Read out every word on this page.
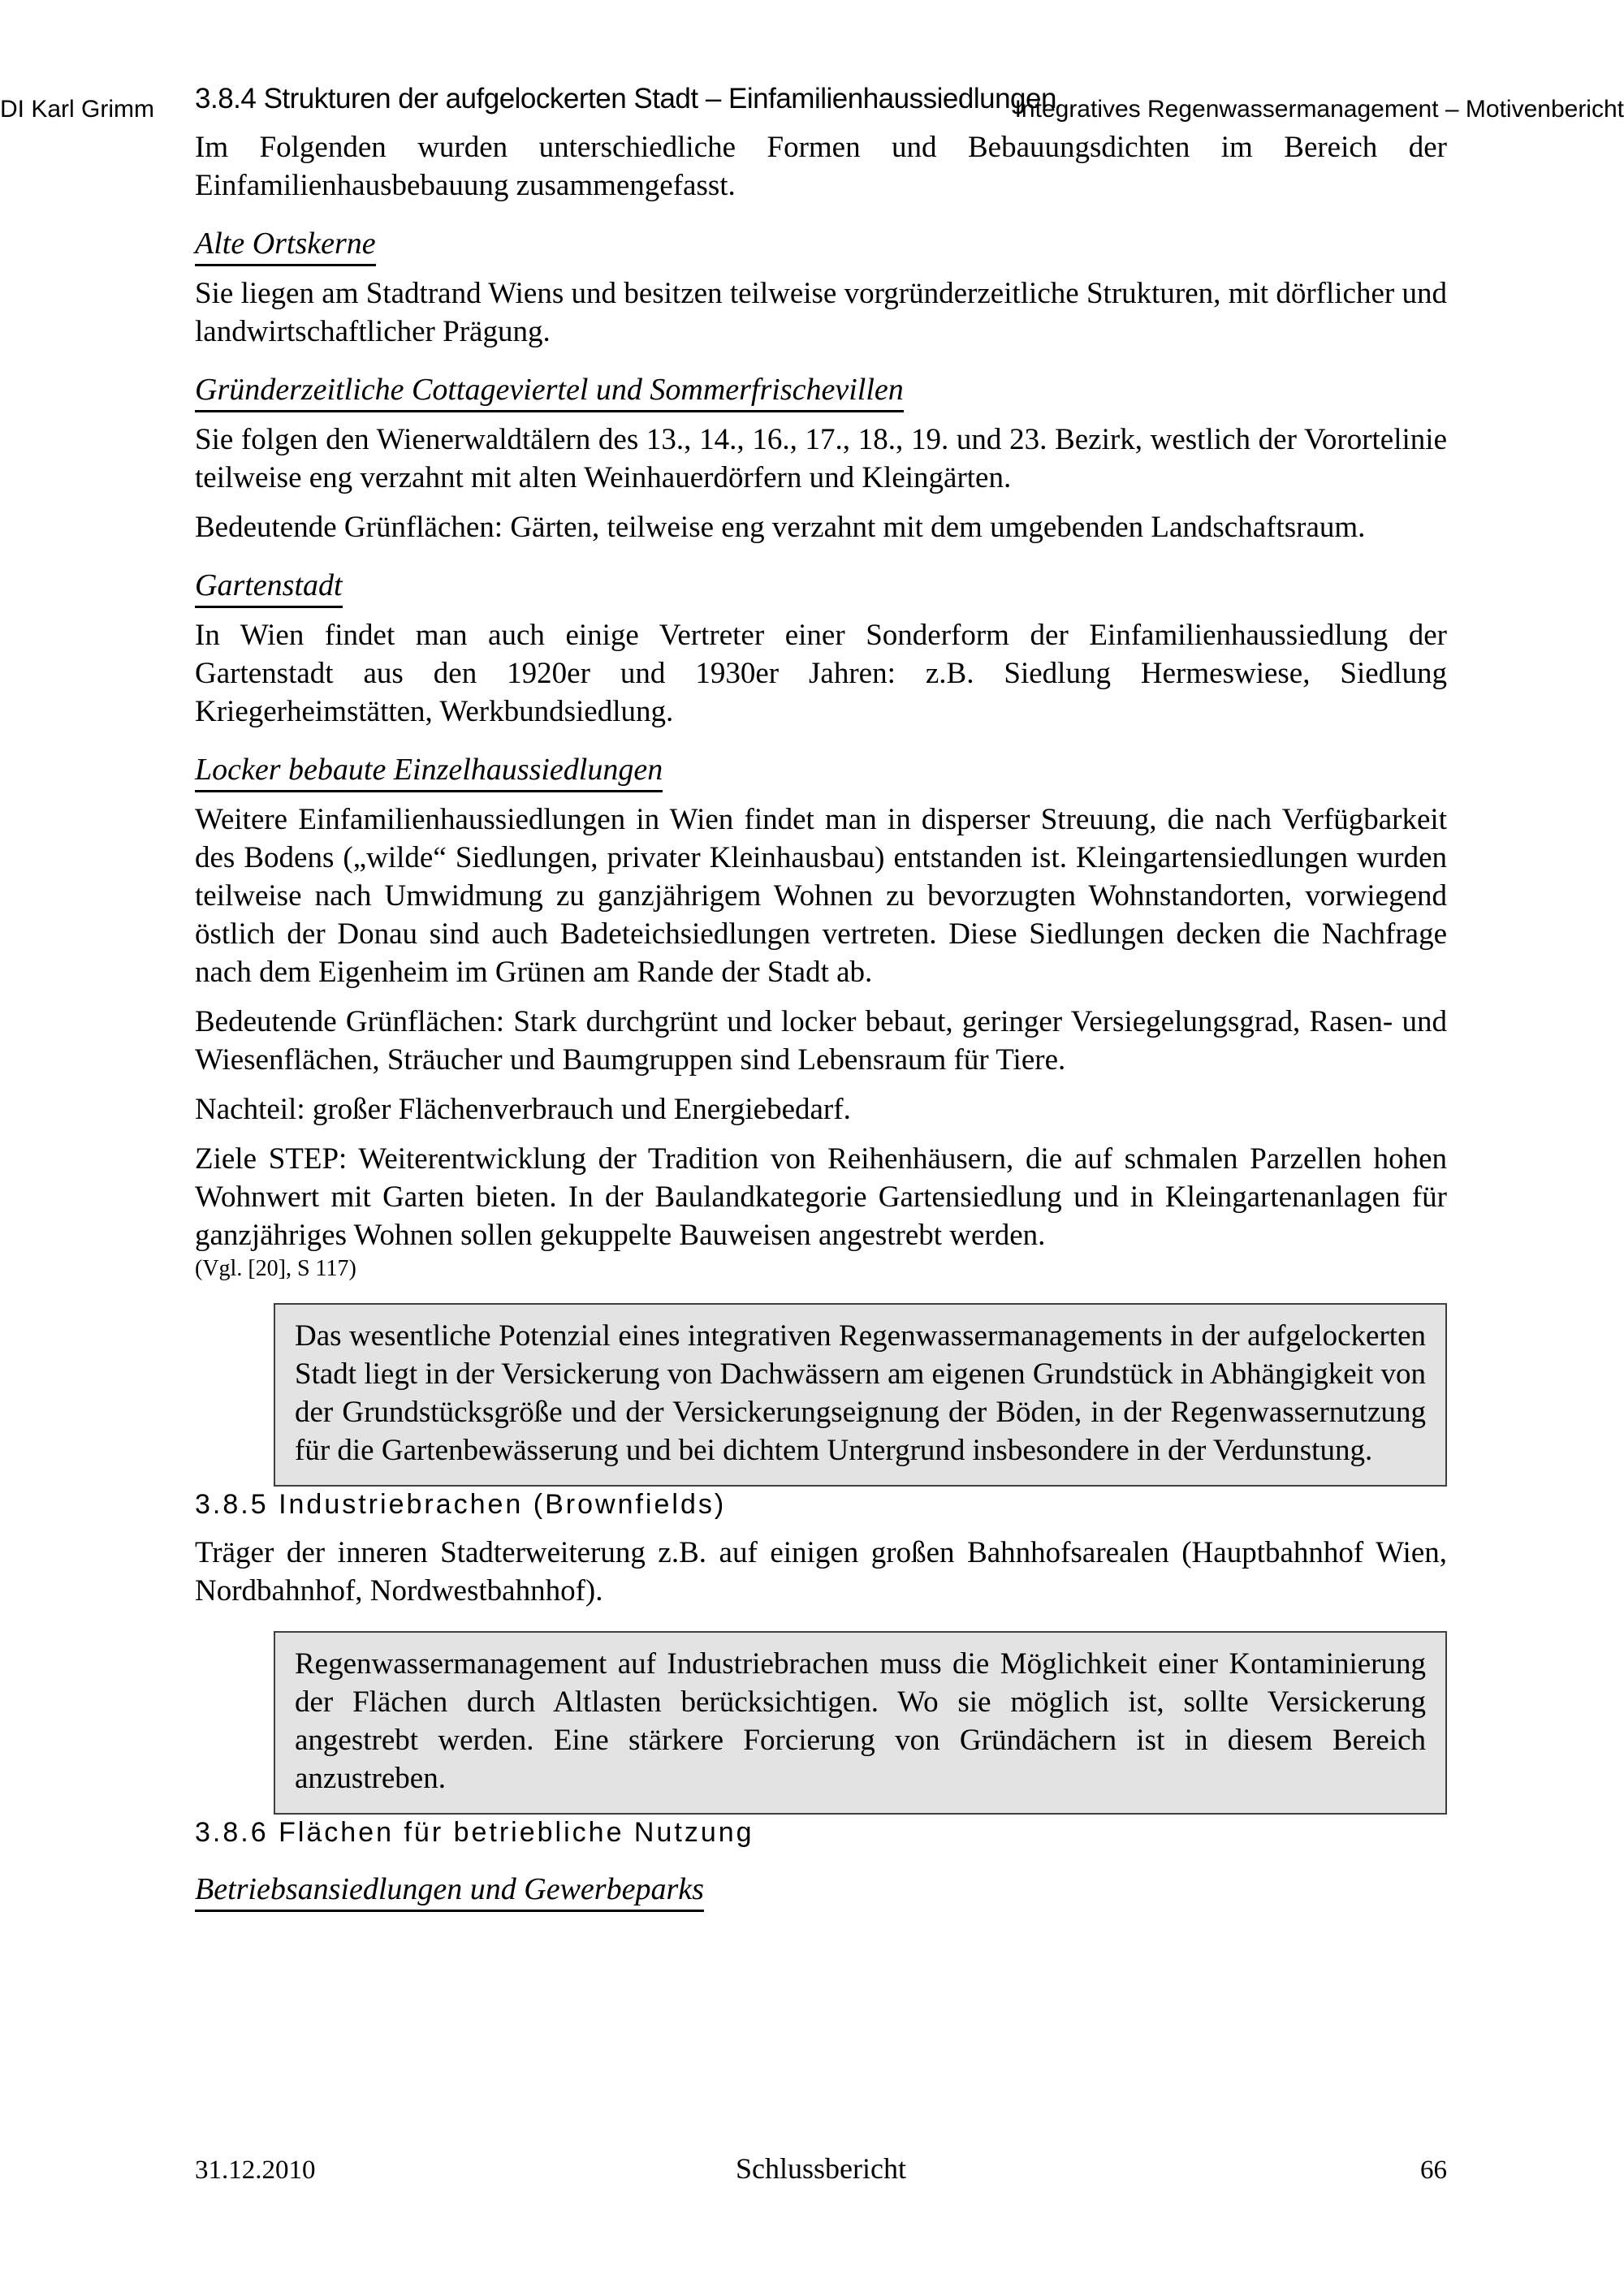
DI Karl Grimm	Integratives Regenwassermanagement – Motivenbericht
3.8.4 Strukturen der aufgelockerten Stadt – Einfamilienhaussiedlungen

Im Folgenden wurden unterschiedliche Formen und Bebauungsdichten im Bereich der Einfamilienhausbebauung zusammengefasst.

Alte Ortskerne

Sie liegen am Stadtrand Wiens und besitzen teilweise vorgründerzeitliche Strukturen, mit dörflicher und landwirtschaftlicher Prägung.

Gründerzeitliche Cottageviertel und Sommerfrischevillen

Sie folgen den Wienerwaldtälern des 13., 14., 16., 17., 18., 19. und 23. Bezirk, westlich der Vorortelinie teilweise eng verzahnt mit alten Weinhauerdörfern und Kleingärten.

Bedeutende Grünflächen: Gärten, teilweise eng verzahnt mit dem umgebenden Landschaftsraum.

Gartenstadt

In Wien findet man auch einige Vertreter einer Sonderform der Einfamilienhaussiedlung der Gartenstadt aus den 1920er und 1930er Jahren: z.B. Siedlung Hermeswiese, Siedlung Kriegerheimstätten, Werkbundsiedlung.

Locker bebaute Einzelhaussiedlungen

Weitere Einfamilienhaussiedlungen in Wien findet man in disperser Streuung, die nach Verfügbarkeit des Bodens („wilde“ Siedlungen, privater Kleinhausbau) entstanden ist. Kleingartensiedlungen wurden teilweise nach Umwidmung zu ganzjährigem Wohnen zu bevorzugten Wohnstandorten, vorwiegend östlich der Donau sind auch Badeteichsiedlungen vertreten. Diese Siedlungen decken die Nachfrage nach dem Eigenheim im Grünen am Rande der Stadt ab.

Bedeutende Grünflächen: Stark durchgrünt und locker bebaut, geringer Versiegelungsgrad, Rasen- und Wiesenflächen, Sträucher und Baumgruppen sind Lebensraum für Tiere.

Nachteil: großer Flächenverbrauch und Energiebedarf.

Ziele STEP: Weiterentwicklung der Tradition von Reihenhäusern, die auf schmalen Parzellen hohen Wohnwert mit Garten bieten. In der Baulandkategorie Gartensiedlung und in Kleingartenanlagen für ganzjähriges Wohnen sollen gekuppelte Bauweisen angestrebt werden.

(Vgl. [20], S 117)

Das wesentliche Potenzial eines integrativen Regenwassermanagements in der aufgelockerten Stadt liegt in der Versickerung von Dachwässern am eigenen Grundstück in Abhängigkeit von der Grundstücksgröße und der Versickerungseignung der Böden, in der Regenwassernutzung für die Gartenbewässerung und bei dichtem Untergrund insbesondere in der Verdunstung.

3.8.5 Industriebrachen (Brownfields)

Träger der inneren Stadterweiterung z.B. auf einigen großen Bahnhofsarealen (Hauptbahnhof Wien, Nordbahnhof, Nordwestbahnhof).

Regenwassermanagement auf Industriebrachen muss die Möglichkeit einer Kontaminierung der Flächen durch Altlasten berücksichtigen. Wo sie möglich ist, sollte Versickerung angestrebt werden. Eine stärkere Forcierung von Gründächern ist in diesem Bereich anzustreben.

3.8.6 Flächen für betriebliche Nutzung
Betriebsansiedlungen und Gewerbeparks
31.12.2010	Schlussbericht	66
